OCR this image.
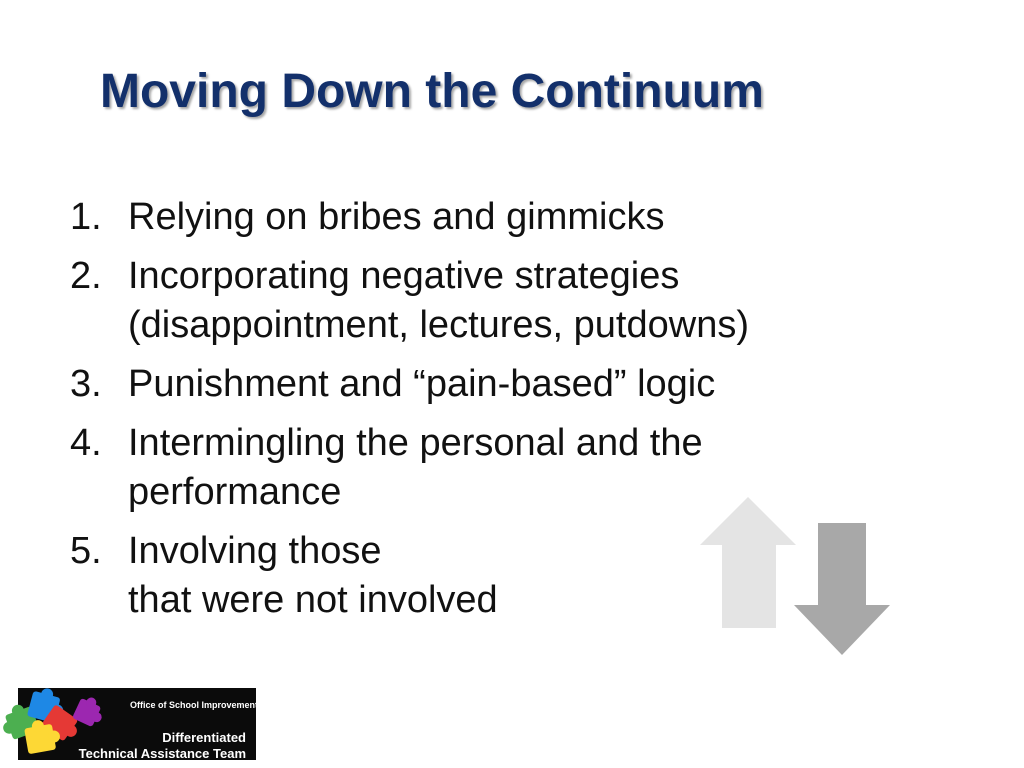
Moving Down the Continuum
1. Relying on bribes and gimmicks
2. Incorporating negative strategies
(disappointment, lectures, putdowns)
3. Punishment and “pain-based” logic
4. Intermingling the personal and the
performance
5. Involving those
that were not involved
Office of School Improvement
Differentiated
Technical Assistance Team
